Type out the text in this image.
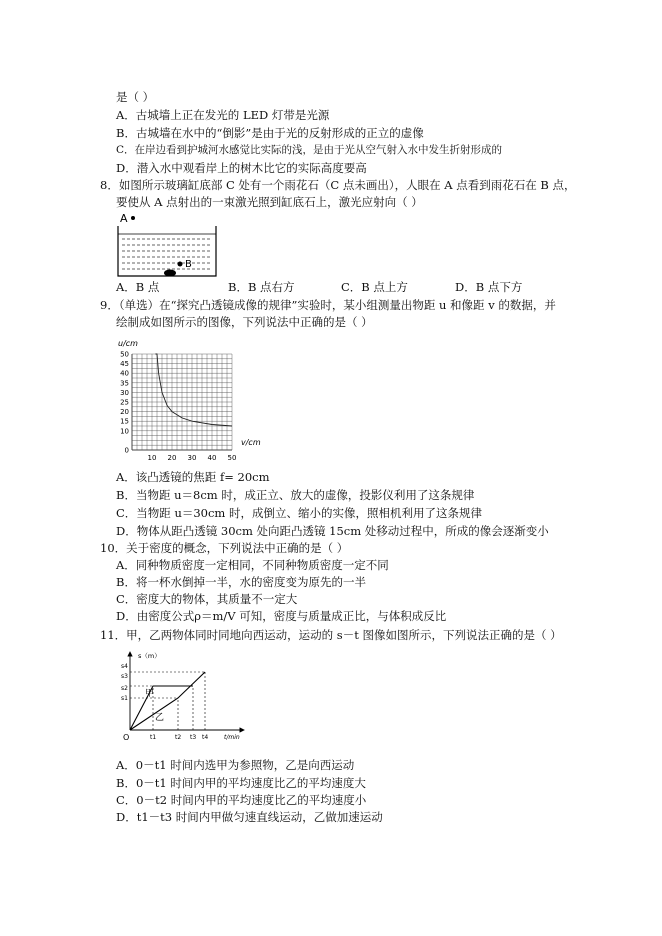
是（ ）
A．古城墙上正在发光的 LED 灯带是光源
B．古城墙在水中的“倒影”是由于光的反射形成的正立的虚像
C．在岸边看到护城河水感觉比实际的浅，是由于光从空气射入水中发生折射形成的
D．潜入水中观看岸上的树木比它的实际高度要高
8．如图所示玻璃缸底部 C 处有一个雨花石（C 点未画出），人眼在 A 点看到雨花石在 B 点，
要使从 A 点射出的一束激光照到缸底石上，激光应射向（ ）
A
B
A．B 点	B．B 点右方	C．B 点上方	D．B 点下方
9．（单选）在“探究凸透镜成像的规律”实验时，某小组测量出物距 u 和像距 v 的数据，并
绘制成如图所示的图像，下列说法中正确的是（ ）
u/cm
v/cm
0
10
15
20
25
30
35
40
45
50
10 20 30 40 50
A．该凸透镜的焦距 f= 20cm
B．当物距 u＝8cm 时，成正立、放大的虚像，投影仪利用了这条规律
C．当物距 u＝30cm 时，成倒立、缩小的实像，照相机利用了这条规律
D．物体从距凸透镜 30cm 处向距凸透镜 15cm 处移动过程中，所成的像会逐渐变小
10．关于密度的概念，下列说法中正确的是（ ）
A．同种物质密度一定相同，不同种物质密度一定不同
B．将一杯水倒掉一半，水的密度变为原先的一半
C．密度大的物体，其质量不一定大
D．由密度公式ρ＝m/V 可知，密度与质量成正比，与体积成反比
11．甲，乙两物体同时同地向西运动，运动的 s－t 图像如图所示，下列说法正确的是（ ）
s（m）
t/min
O
s1
s2
s3
s4
t1	t2 t3 t4
甲
乙
A．0－t1 时间内选甲为参照物，乙是向西运动
B．0－t1 时间内甲的平均速度比乙的平均速度大
C．0－t2 时间内甲的平均速度比乙的平均速度小
D．t1－t3 时间内甲做匀速直线运动，乙做加速运动
